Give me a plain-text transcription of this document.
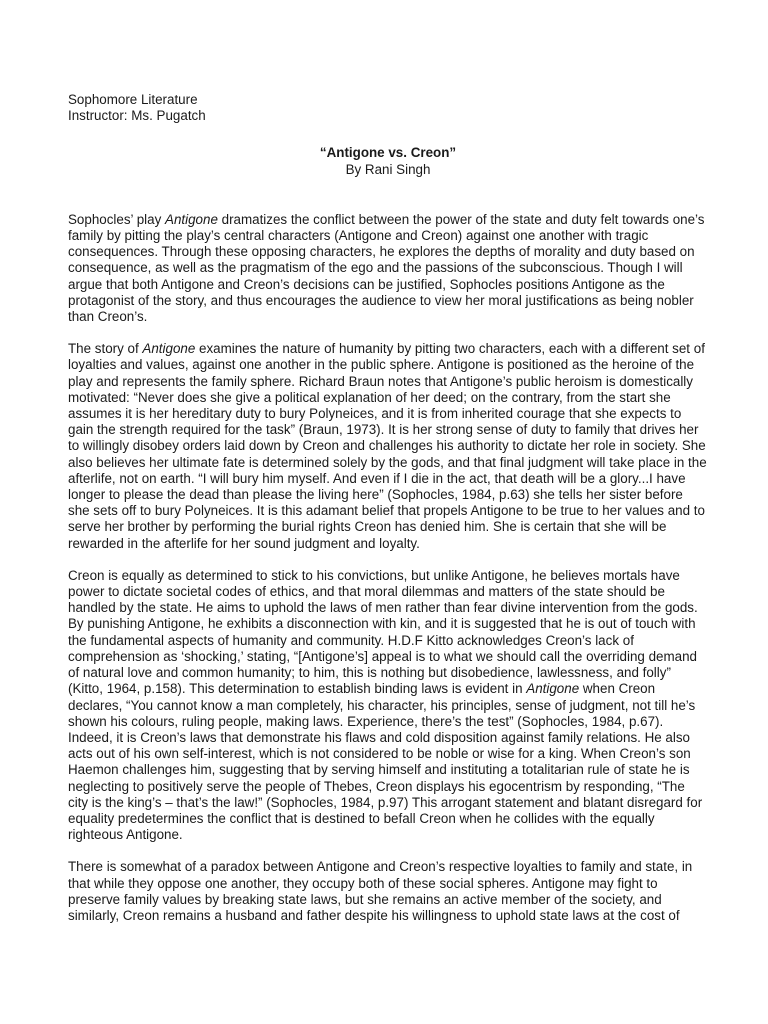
Sophomore Literature

Instructor: Ms. Pugatch

“Antigone vs. Creon”

By Rani Singh

Sophocles’ play Antigone dramatizes the conflict between the power of the state and duty felt towards one’s family by pitting the play’s central characters (Antigone and Creon) against one another with tragic consequences. Through these opposing characters, he explores the depths of morality and duty based on consequence, as well as the pragmatism of the ego and the passions of the subconscious. Though I will argue that both Antigone and Creon’s decisions can be justified, Sophocles positions Antigone as the protagonist of the story, and thus encourages the audience to view her moral justifications as being nobler than Creon’s.

The story of Antigone examines the nature of humanity by pitting two characters, each with a different set of loyalties and values, against one another in the public sphere. Antigone is positioned as the heroine of the play and represents the family sphere. Richard Braun notes that Antigone’s public heroism is domestically motivated: “Never does she give a political explanation of her deed; on the contrary, from the start she assumes it is her hereditary duty to bury Polyneices, and it is from inherited courage that she expects to gain the strength required for the task” (Braun, 1973). It is her strong sense of duty to family that drives her to willingly disobey orders laid down by Creon and challenges his authority to dictate her role in society. She also believes her ultimate fate is determined solely by the gods, and that final judgment will take place in the afterlife, not on earth. “I will bury him myself. And even if I die in the act, that death will be a glory...I have longer to please the dead than please the living here” (Sophocles, 1984, p.63) she tells her sister before she sets off to bury Polyneices. It is this adamant belief that propels Antigone to be true to her values and to serve her brother by performing the burial rights Creon has denied him. She is certain that she will be rewarded in the afterlife for her sound judgment and loyalty.

Creon is equally as determined to stick to his convictions, but unlike Antigone, he believes mortals have power to dictate societal codes of ethics, and that moral dilemmas and matters of the state should be handled by the state. He aims to uphold the laws of men rather than fear divine intervention from the gods. By punishing Antigone, he exhibits a disconnection with kin, and it is suggested that he is out of touch with the fundamental aspects of humanity and community. H.D.F Kitto acknowledges Creon’s lack of comprehension as ‘shocking,’ stating, “[Antigone’s] appeal is to what we should call the overriding demand of natural love and common humanity; to him, this is nothing but disobedience, lawlessness, and folly” (Kitto, 1964, p.158). This determination to establish binding laws is evident in Antigone when Creon declares, “You cannot know a man completely, his character, his principles, sense of judgment, not till he’s shown his colours, ruling people, making laws. Experience, there’s the test” (Sophocles, 1984, p.67). Indeed, it is Creon’s laws that demonstrate his flaws and cold disposition against family relations. He also acts out of his own self-interest, which is not considered to be noble or wise for a king. When Creon’s son Haemon challenges him, suggesting that by serving himself and instituting a totalitarian rule of state he is neglecting to positively serve the people of Thebes, Creon displays his egocentrism by responding, “The city is the king’s – that’s the law!” (Sophocles, 1984, p.97) This arrogant statement and blatant disregard for equality predetermines the conflict that is destined to befall Creon when he collides with the equally righteous Antigone.

There is somewhat of a paradox between Antigone and Creon’s respective loyalties to family and state, in that while they oppose one another, they occupy both of these social spheres. Antigone may fight to preserve family values by breaking state laws, but she remains an active member of the society, and similarly, Creon remains a husband and father despite his willingness to uphold state laws at the cost of
